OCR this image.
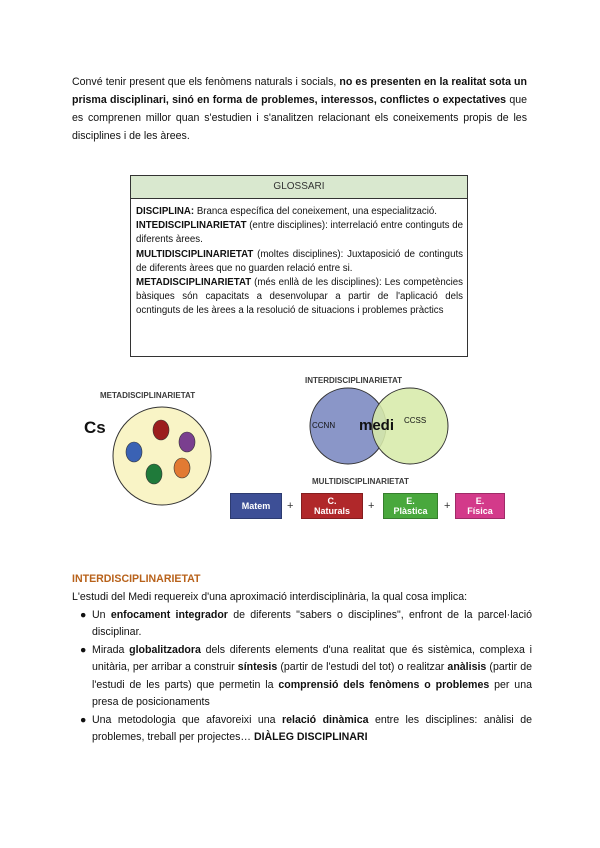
Convé tenir present que els fenòmens naturals i socials, no es presenten en la realitat sota un prisma disciplinari, sinó en forma de problemes, interessos, conflictes o expectatives que es comprenen millor quan s'estudien i s'analitzen relacionant els coneixements propis de les disciplines i de les àrees.
GLOSSARI
DISCIPLINA: Branca específica del coneixement, una especialització.
INTEDISCIPLINARIETAT (entre disciplines): interrelació entre continguts de diferents àrees.
MULTIDISCIPLINARIETAT (moltes disciplines): Juxtaposició de continguts de diferents àrees que no guarden relació entre si.
METADISCIPLINARIETAT (més enllà de les disciplines): Les competències bàsiques són capacitats a desenvolupar a partir de l'aplicació dels ocntinguts de les àrees a la resolució de situacions i problemes pràctics
METADISCIPLINARIETAT
Cs
INTERDISCIPLINARIETAT
CCNN medi CCSS
MULTIDISCIPLINARIETAT
Matem +	C.
Naturals +	E.
Plàstica +	E.
Física
INTERDISCIPLINARIETAT
L'estudi del Medi requereix d'una aproximació interdisciplinària, la qual cosa implica:
● Un enfocament integrador de diferents "sabers o disciplines", enfront de la parcel·lació disciplinar.
● Mirada globalitzadora dels diferents elements d'una realitat que és sistèmica, complexa i unitària, per arribar a construir síntesis (partir de l'estudi del tot) o realitzar anàlisis (partir de l'estudi de les parts) que permetin la comprensió dels fenòmens o problemes per una presa de posicionaments
● Una metodologia que afavoreixi una relació dinàmica entre les disciplines: anàlisi de problemes, treball per projectes… DIÀLEG DISCIPLINARI
